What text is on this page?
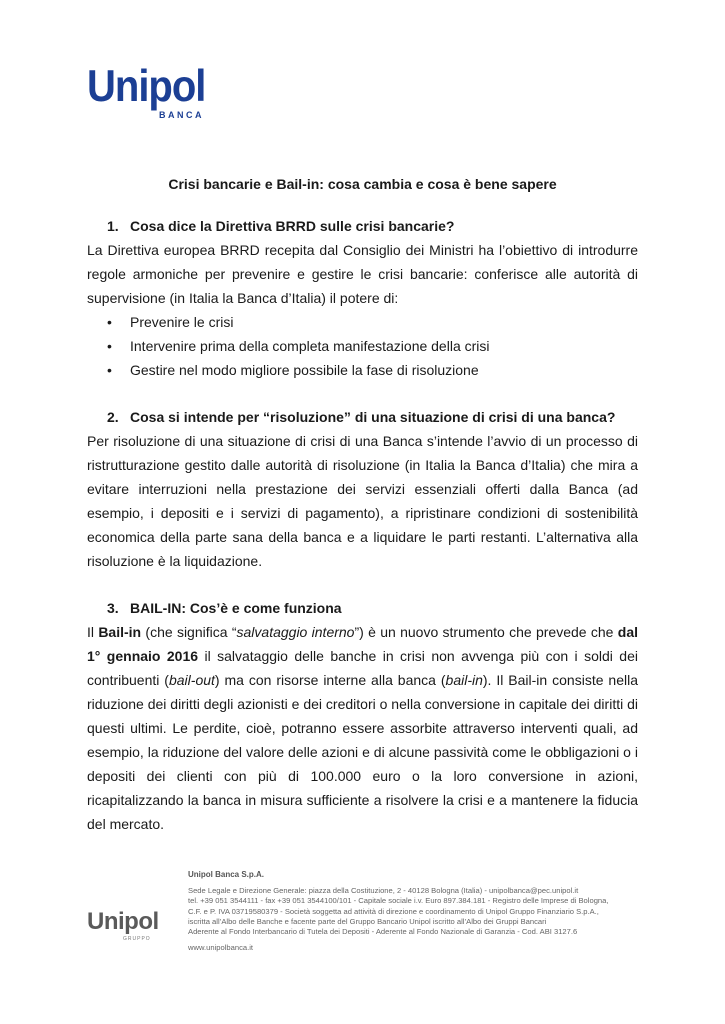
Unipol
BANCA
Crisi bancarie e Bail-in: cosa cambia e cosa è bene sapere
1. Cosa dice la Direttiva BRRD sulle crisi bancarie?

La Direttiva europea BRRD recepita dal Consiglio dei Ministri ha l’obiettivo di introdurre regole armoniche per prevenire e gestire le crisi bancarie: conferisce alle autorità di supervisione (in Italia la Banca d’Italia) il potere di:

• Prevenire le crisi
• Intervenire prima della completa manifestazione della crisi
• Gestire nel modo migliore possibile la fase di risoluzione
2. Cosa si intende per “risoluzione” di una situazione di crisi di una banca?

Per risoluzione di una situazione di crisi di una Banca s’intende l’avvio di un processo di ristrutturazione gestito dalle autorità di risoluzione (in Italia la Banca d’Italia) che mira a evitare interruzioni nella prestazione dei servizi essenziali offerti dalla Banca (ad esempio, i depositi e i servizi di pagamento), a ripristinare condizioni di sostenibilità economica della parte sana della banca e a liquidare le parti restanti. L’alternativa alla risoluzione è la liquidazione.

3. BAIL-IN: Cos’è e come funziona

Il Bail-in (che significa “salvataggio interno”) è un nuovo strumento che prevede che dal 1° gennaio 2016 il salvataggio delle banche in crisi non avvenga più con i soldi dei contribuenti (bail-out) ma con risorse interne alla banca (bail-in). Il Bail-in consiste nella riduzione dei diritti degli azionisti e dei creditori o nella conversione in capitale dei diritti di questi ultimi. Le perdite, cioè, potranno essere assorbite attraverso interventi quali, ad esempio, la riduzione del valore delle azioni e di alcune passività come le obbligazioni o i depositi dei clienti con più di 100.000 euro o la loro conversione in azioni, ricapitalizzando la banca in misura sufficiente a risolvere la crisi e a mantenere la fiducia del mercato.

Unipol
GRUPPO
Unipol Banca S.p.A.
Sede Legale e Direzione Generale: piazza della Costituzione, 2 - 40128 Bologna (Italia) - unipolbanca@pec.unipol.it
tel. +39 051 3544111 - fax +39 051 3544100/101 - Capitale sociale i.v. Euro 897.384.181 - Registro delle Imprese di Bologna,
C.F. e P. IVA 03719580379 - Società soggetta ad attività di direzione e coordinamento di Unipol Gruppo Finanziario S.p.A.,
iscritta all’Albo delle Banche e facente parte del Gruppo Bancario Unipol iscritto all’Albo dei Gruppi Bancari
Aderente al Fondo Interbancario di Tutela dei Depositi - Aderente al Fondo Nazionale di Garanzia - Cod. ABI 3127.6
www.unipolbanca.it
